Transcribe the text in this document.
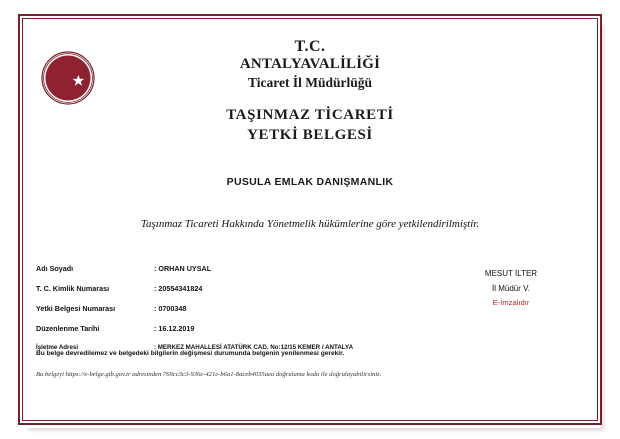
T.C.
ANTALYAVALİLİĞİ
Ticaret İl Müdürlüğü
TAŞINMAZ TİCARETİ
YETKİ BELGESİ
PUSULA EMLAK DANIŞMANLIK
Taşınmaz Ticareti Hakkında Yönetmelik hükümlerine göre yetkilendirilmiştir.
Adı Soyadı	: ORHAN UYSAL
T. C. Kimlik Numarası	: 20554341824
Yetki Belgesi Numarası	: 0700348
Düzenlenme Tarihi	: 16.12.2019
İşletme Adresi	: MERKEZ MAHALLESİ ATATÜRK CAD. No:12/15 KEMER / ANTALYA
Bu belge devredilemez ve belgedeki bilgilerin değişmesi durumunda belgenin yenilenmesi gerekir.
Bu belgeyi https://e-belge.gtb.gov.tr adresinden 769cc3c3-936e-421e-b6a1-8aceb4035aea doğrulama kodu ile doğrulayabilirsiniz.
MESUT İLTER
İl Müdür V.
E-İmzalıdır
